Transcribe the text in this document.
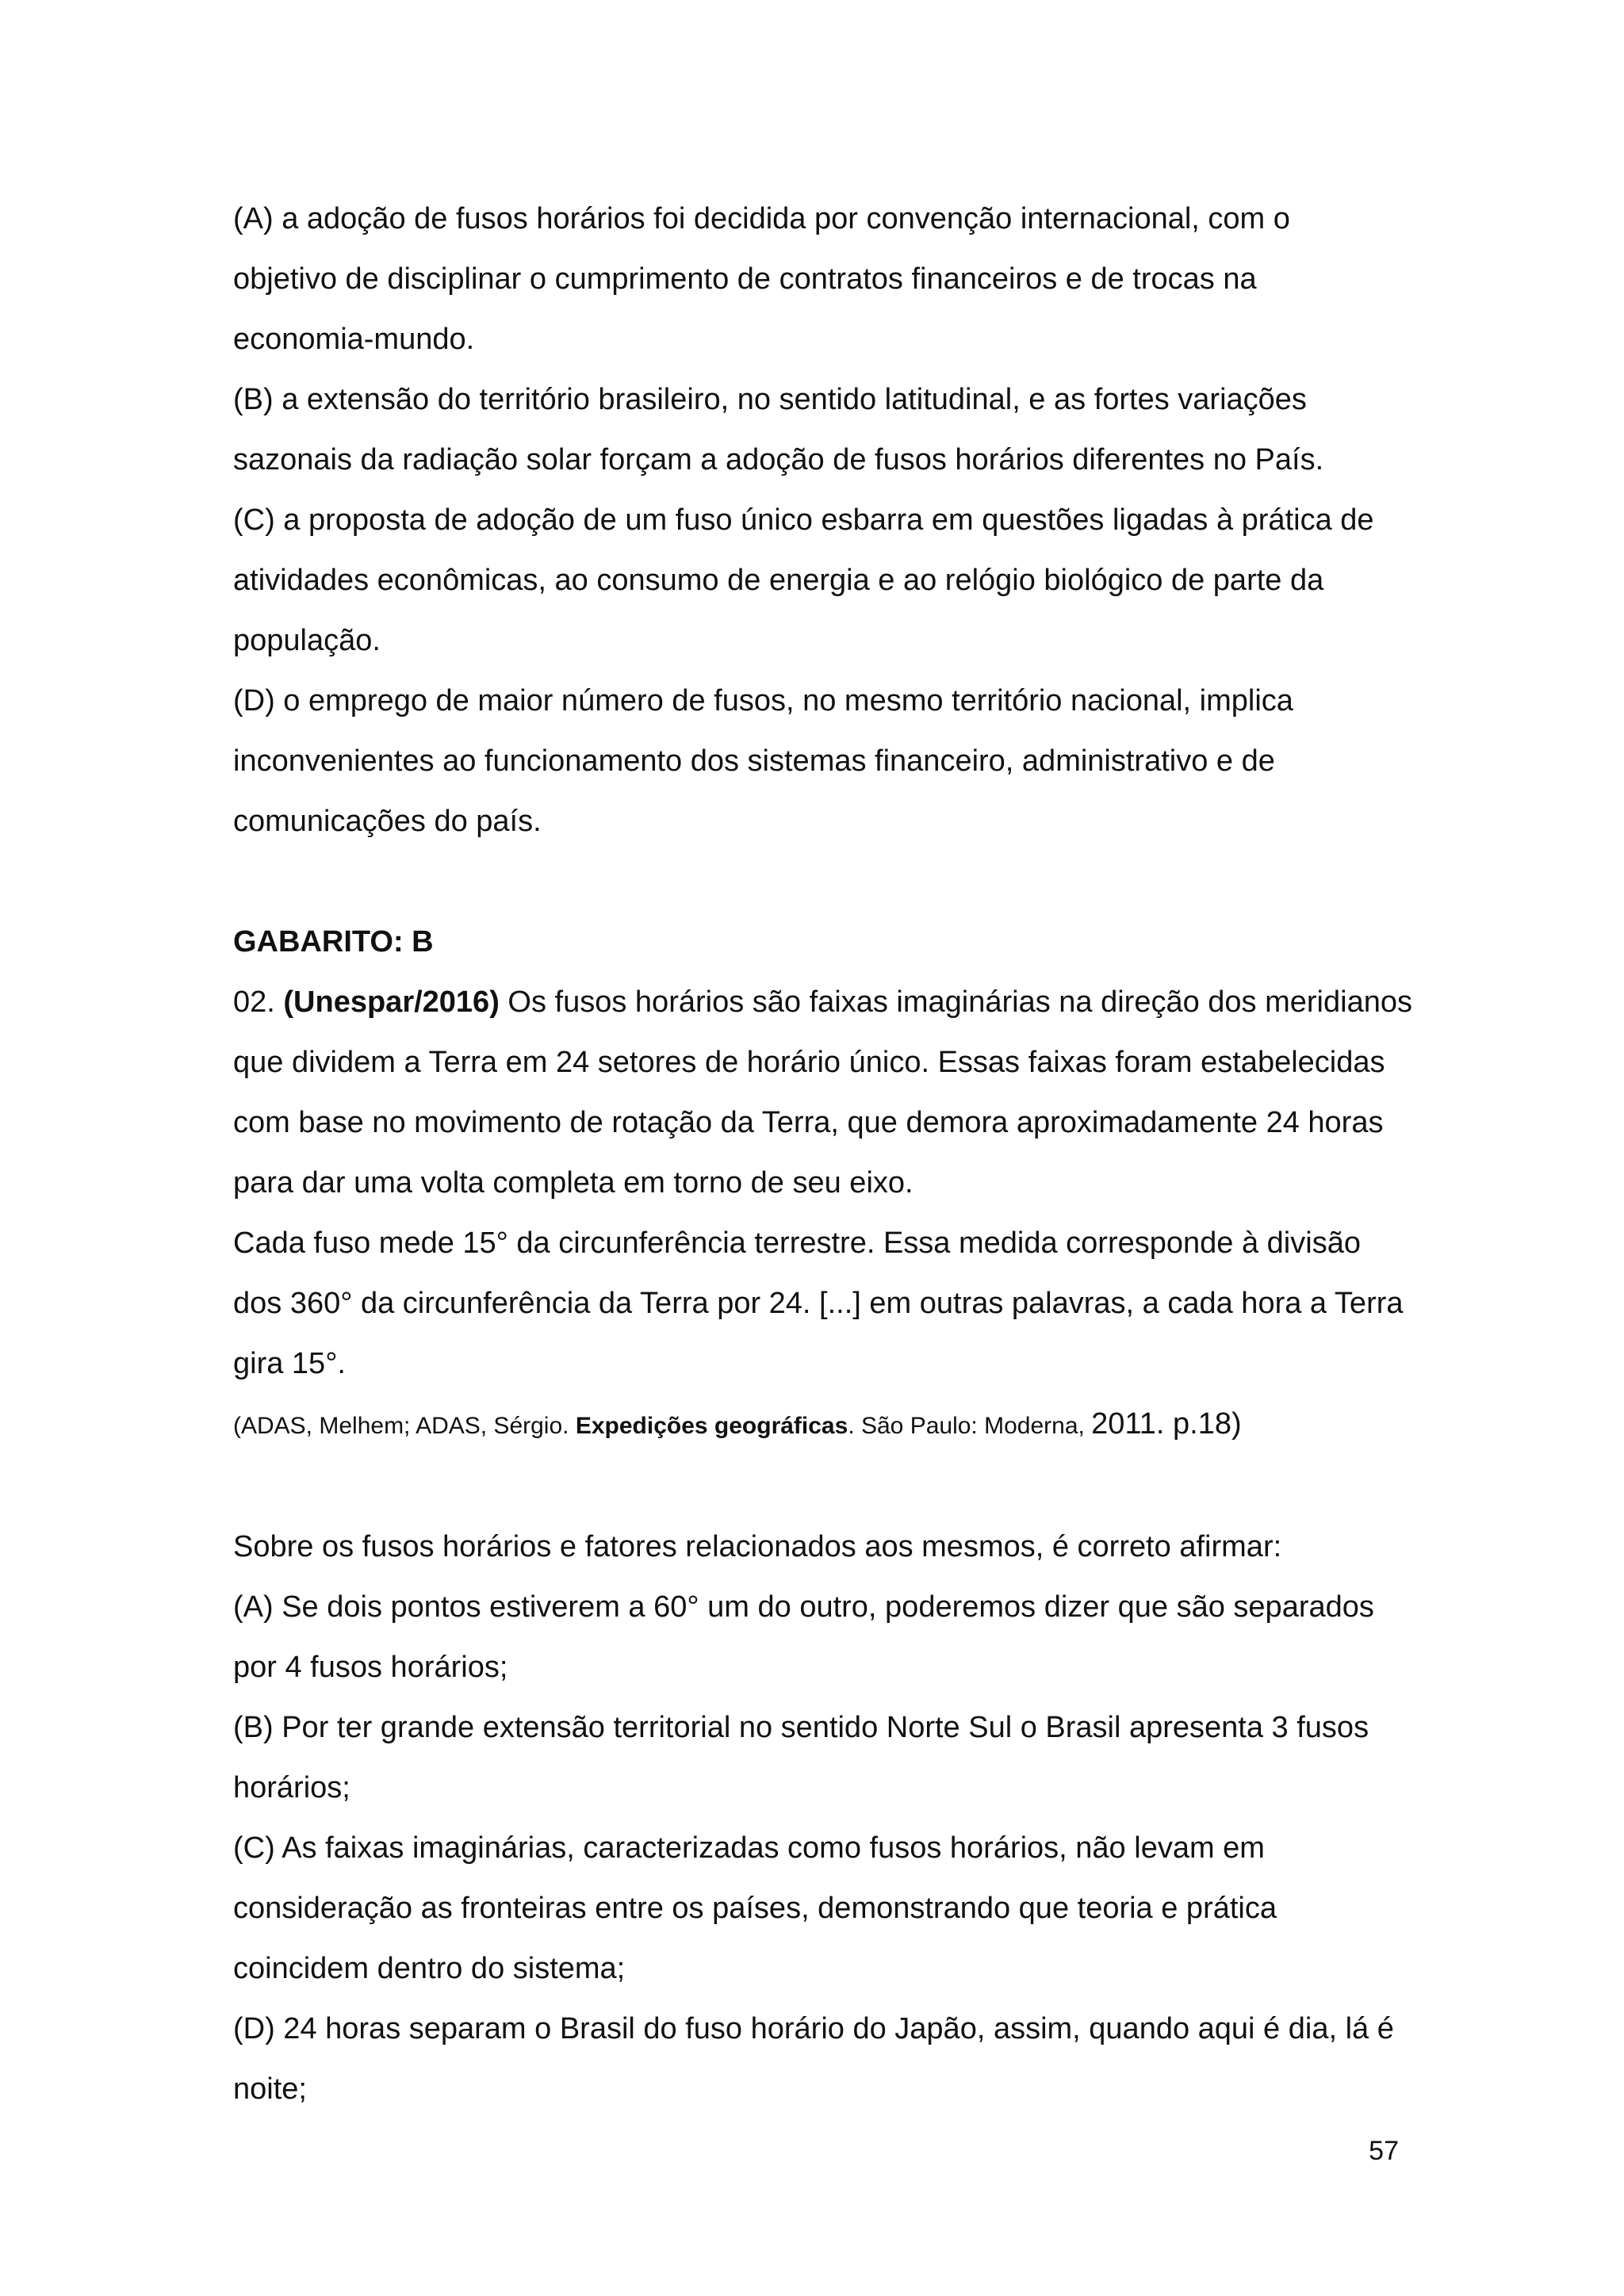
(A) a adoção de fusos horários foi decidida por convenção internacional, com o
objetivo de disciplinar o cumprimento de contratos financeiros e de trocas na
economia-mundo.
(B) a extensão do território brasileiro, no sentido latitudinal, e as fortes variações
sazonais da radiação solar forçam a adoção de fusos horários diferentes no País.
(C) a proposta de adoção de um fuso único esbarra em questões ligadas à prática de
atividades econômicas, ao consumo de energia e ao relógio biológico de parte da
população.
(D) o emprego de maior número de fusos, no mesmo território nacional, implica
inconvenientes ao funcionamento dos sistemas financeiro, administrativo e de
comunicações do país.
GABARITO: B
02. (Unespar/2016) Os fusos horários são faixas imaginárias na direção dos meridianos
que dividem a Terra em 24 setores de horário único. Essas faixas foram estabelecidas
com base no movimento de rotação da Terra, que demora aproximadamente 24 horas
para dar uma volta completa em torno de seu eixo.
Cada fuso mede 15° da circunferência terrestre. Essa medida corresponde à divisão
dos 360° da circunferência da Terra por 24. [...] em outras palavras, a cada hora a Terra
gira 15°.
(ADAS, Melhem; ADAS, Sérgio. Expedições geográficas. São Paulo: Moderna, 2011. p.18)
Sobre os fusos horários e fatores relacionados aos mesmos, é correto afirmar:
(A) Se dois pontos estiverem a 60° um do outro, poderemos dizer que são separados
por 4 fusos horários;
(B) Por ter grande extensão territorial no sentido Norte Sul o Brasil apresenta 3 fusos
horários;
(C) As faixas imaginárias, caracterizadas como fusos horários, não levam em
consideração as fronteiras entre os países, demonstrando que teoria e prática
coincidem dentro do sistema;
(D) 24 horas separam o Brasil do fuso horário do Japão, assim, quando aqui é dia, lá é
noite;
57
